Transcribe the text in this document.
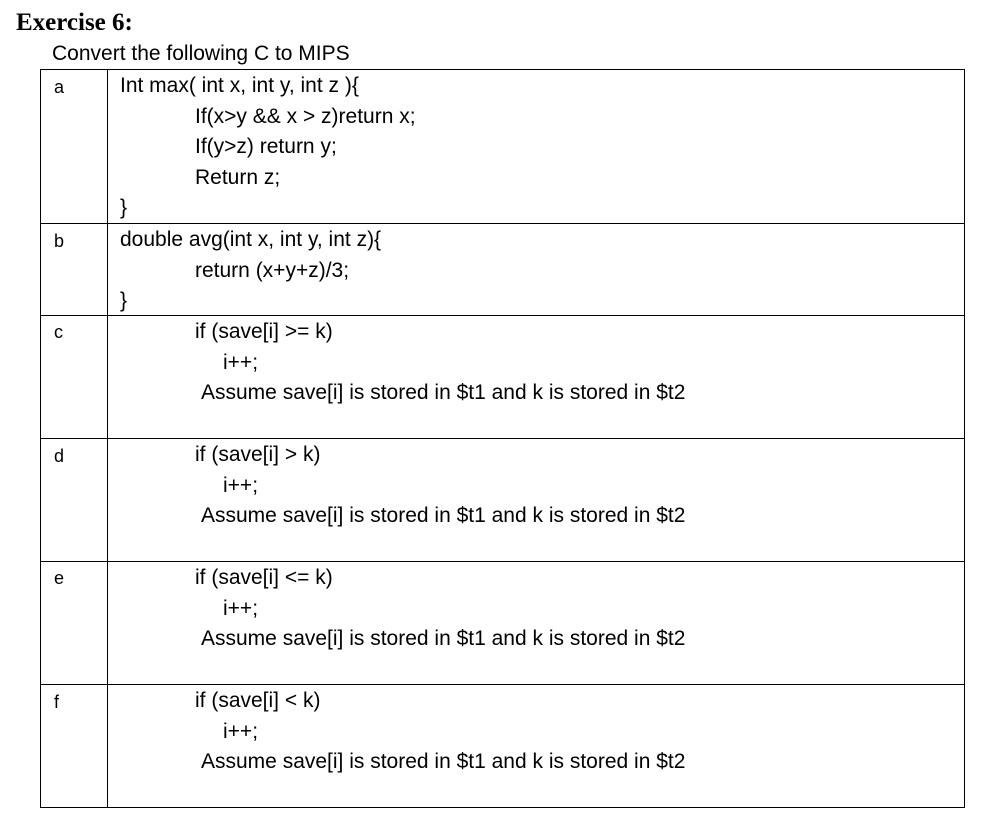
Exercise 6:
Convert the following C to MIPS
a	Int max( int x, int y, int z ){
If(x>y && x > z)return x;
If(y>z) return y;
Return z;
}
b	double avg(int x, int y, int z){
return (x+y+z)/3;
}
c	if (save[i] >= k)
i++;
Assume save[i] is stored in $t1 and k is stored in $t2
d	if (save[i] > k)
i++;
Assume save[i] is stored in $t1 and k is stored in $t2
e	if (save[i] <= k)
i++;
Assume save[i] is stored in $t1 and k is stored in $t2
f	if (save[i] < k)
i++;
Assume save[i] is stored in $t1 and k is stored in $t2
